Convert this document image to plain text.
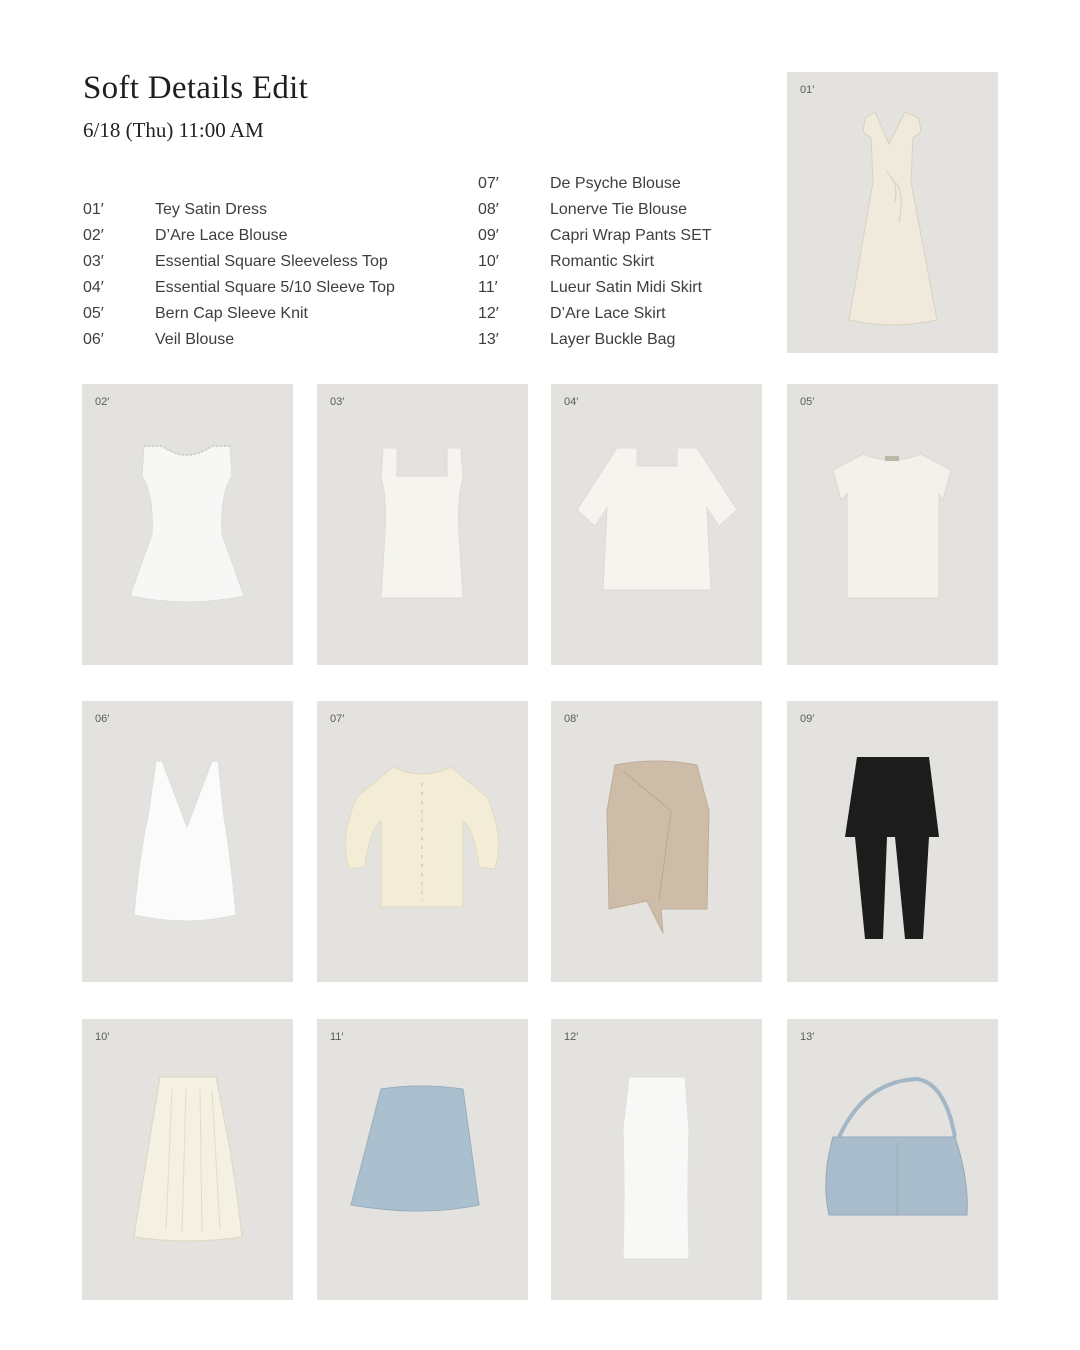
Soft Details Edit
6/18 (Thu) 11:00 AM
01′	Tey Satin Dress
02′	D’Are Lace Blouse
03′	Essential Square Sleeveless Top
04′	Essential Square 5/10 Sleeve Top
05′	Bern Cap Sleeve Knit
06′	Veil Blouse
07′	De Psyche Blouse
08′	Lonerve Tie Blouse
09′	Capri Wrap Pants SET
10′	Romantic Skirt
11′	Lueur Satin Midi Skirt
12′	D’Are Lace Skirt
13′	Layer Buckle Bag
01′
02′	03′	04′	05′
06′	07′	08′	09′
10′	11′	12′	13′
